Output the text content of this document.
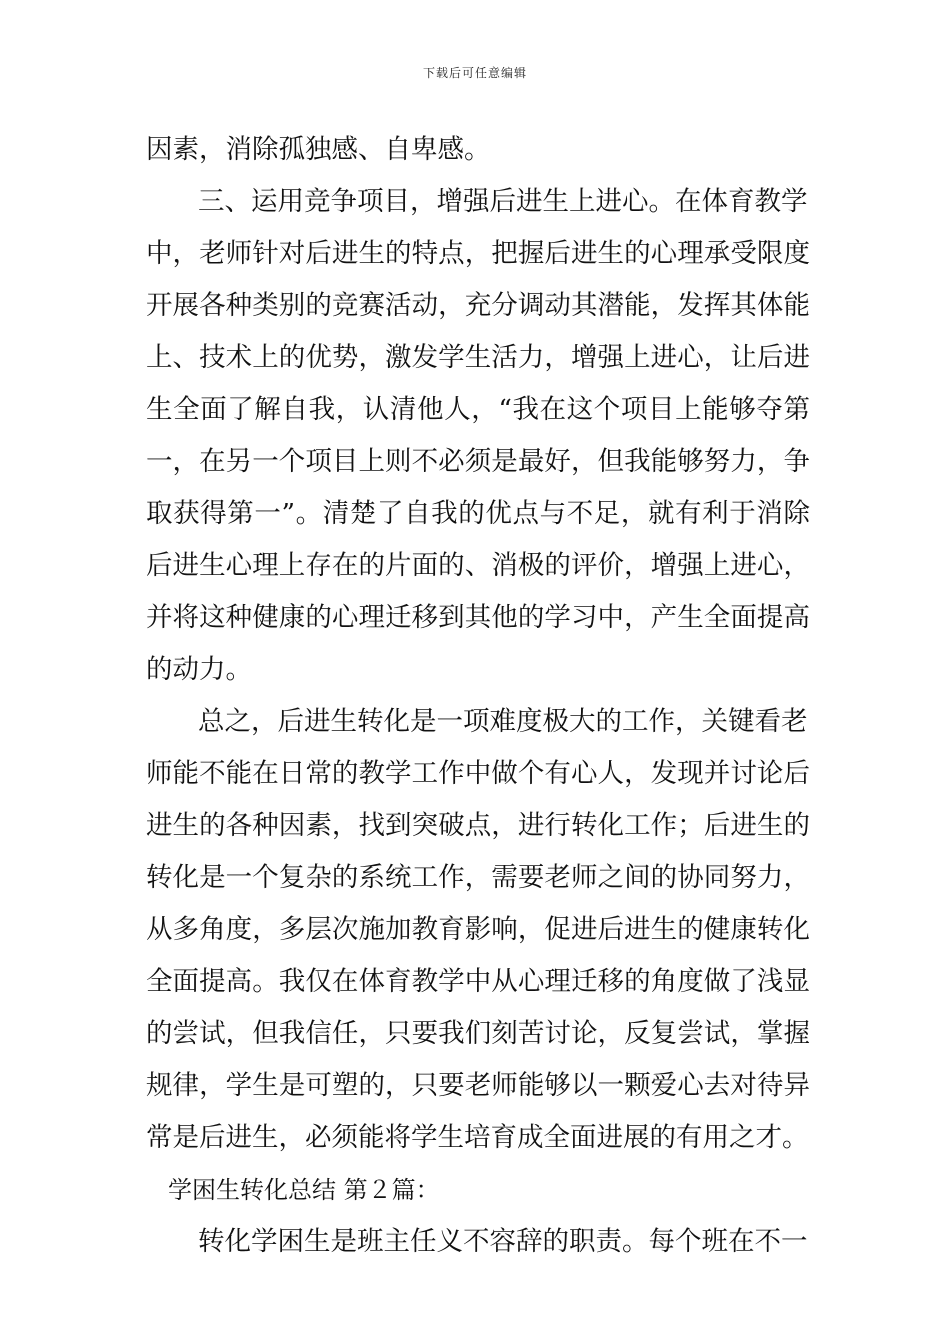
下载后可任意编辑
因素，消除孤独感、自卑感。
三、运用竞争项目，增强后进生上进心。在体育教学
中，老师针对后进生的特点，把握后进生的心理承受限度
开展各种类别的竞赛活动，充分调动其潜能，发挥其体能
上、技术上的优势，激发学生活力，增强上进心，让后进
生全面了解自我，认清他人，“我在这个项目上能够夺第
一，在另一个项目上则不必须是最好，但我能够努力，争
取获得第一”。清楚了自我的优点与不足，就有利于消除
后进生心理上存在的片面的、消极的评价，增强上进心，
并将这种健康的心理迁移到其他的学习中，产生全面提高
的动力。
总之，后进生转化是一项难度极大的工作，关键看老
师能不能在日常的教学工作中做个有心人，发现并讨论后
进生的各种因素，找到突破点，进行转化工作；后进生的
转化是一个复杂的系统工作，需要老师之间的协同努力，
从多角度，多层次施加教育影响，促进后进生的健康转化
全面提高。我仅在体育教学中从心理迁移的角度做了浅显
的尝试，但我信任，只要我们刻苦讨论，反复尝试，掌握
规律，学生是可塑的，只要老师能够以一颗爱心去对待异
常是后进生，必须能将学生培育成全面进展的有用之才。
学困生转化总结 第２篇：
转化学困生是班主任义不容辞的职责。每个班在不一
